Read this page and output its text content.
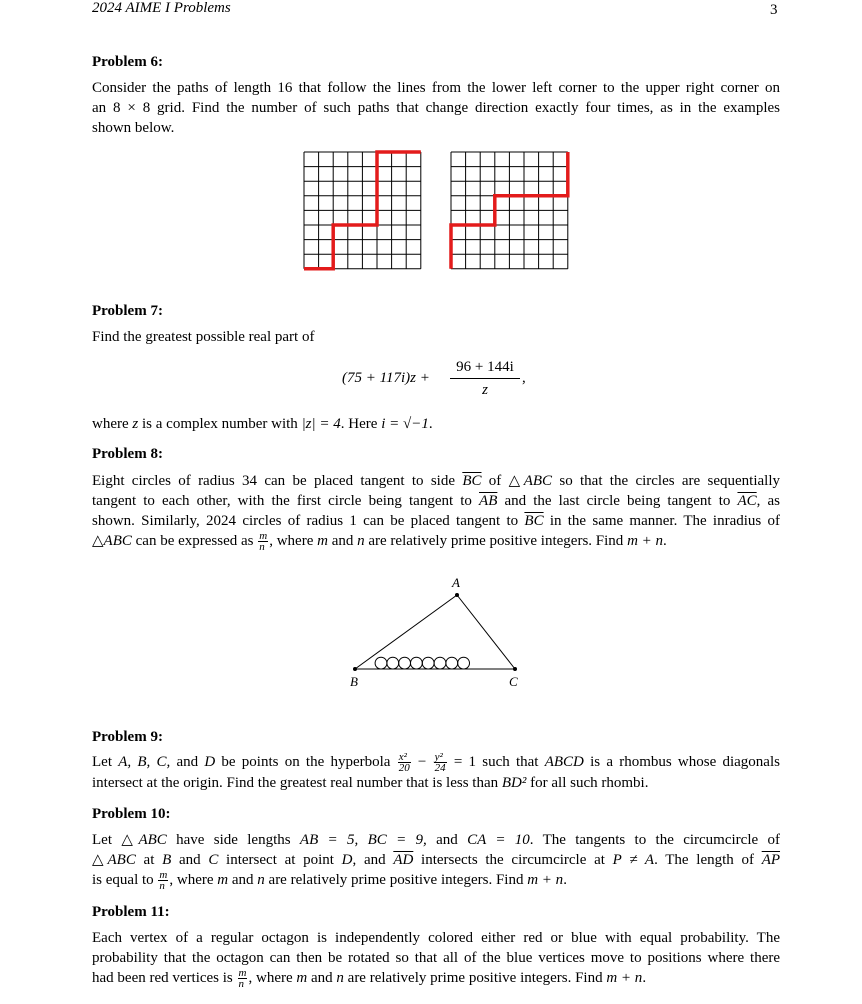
2024 AIME I Problems	3
Problem 6:
Consider the paths of length 16 that follow the lines from the lower left corner to the upper right corner on
an 8 × 8 grid. Find the number of such paths that change direction exactly four times, as in the examples
shown below.
Problem 7:
Find the greatest possible real part of
(75 + 117i)z +
96 + 144i
z
,
where z is a complex number with |z| = 4. Here i = √−1.
Problem 8:
Eight circles of radius 34 can be placed tangent to side $\overline{BC}$ of △ABC so that the circles are sequentially
tangent to each other, with the first circle being tangent to $\overline{AB}$ and the last circle being tangent to $\overline{AC}$, as
shown. Similarly, 2024 circles of radius 1 can be placed tangent to $\overline{BC}$ in the same manner. The inradius of
△ABC can be expressed as $\frac{m}{n}$ , where m and n are relatively prime positive integers. Find m + n.
A
B	C
Problem 9:
Let A, B, C, and D be points on the hyperbola $\frac{\text{x²}}{20} - \frac{\text{y²}}{24} = 1$ such that ABCD is a rhombus whose diagonals
intersect at the origin. Find the greatest real number that is less than BD² for all such rhombi.
Problem 10:
Let △ABC have side lengths AB = 5, BC = 9, and CA = 10. The tangents to the circumcircle of
△ABC at B and C intersect at point D, and $\overline{AD}$ intersects the circumcircle at P ≠ A. The length of $\overline{AP}$
is equal to $\frac{m}{n}$ , where m and n are relatively prime positive integers. Find m + n.
Problem 11:
Each vertex of a regular octagon is independently colored either red or blue with equal probability. The
probability that the octagon can then be rotated so that all of the blue vertices move to positions where there
had been red vertices is $\frac{m}{n}$ , where m and n are relatively prime positive integers. Find m + n.
